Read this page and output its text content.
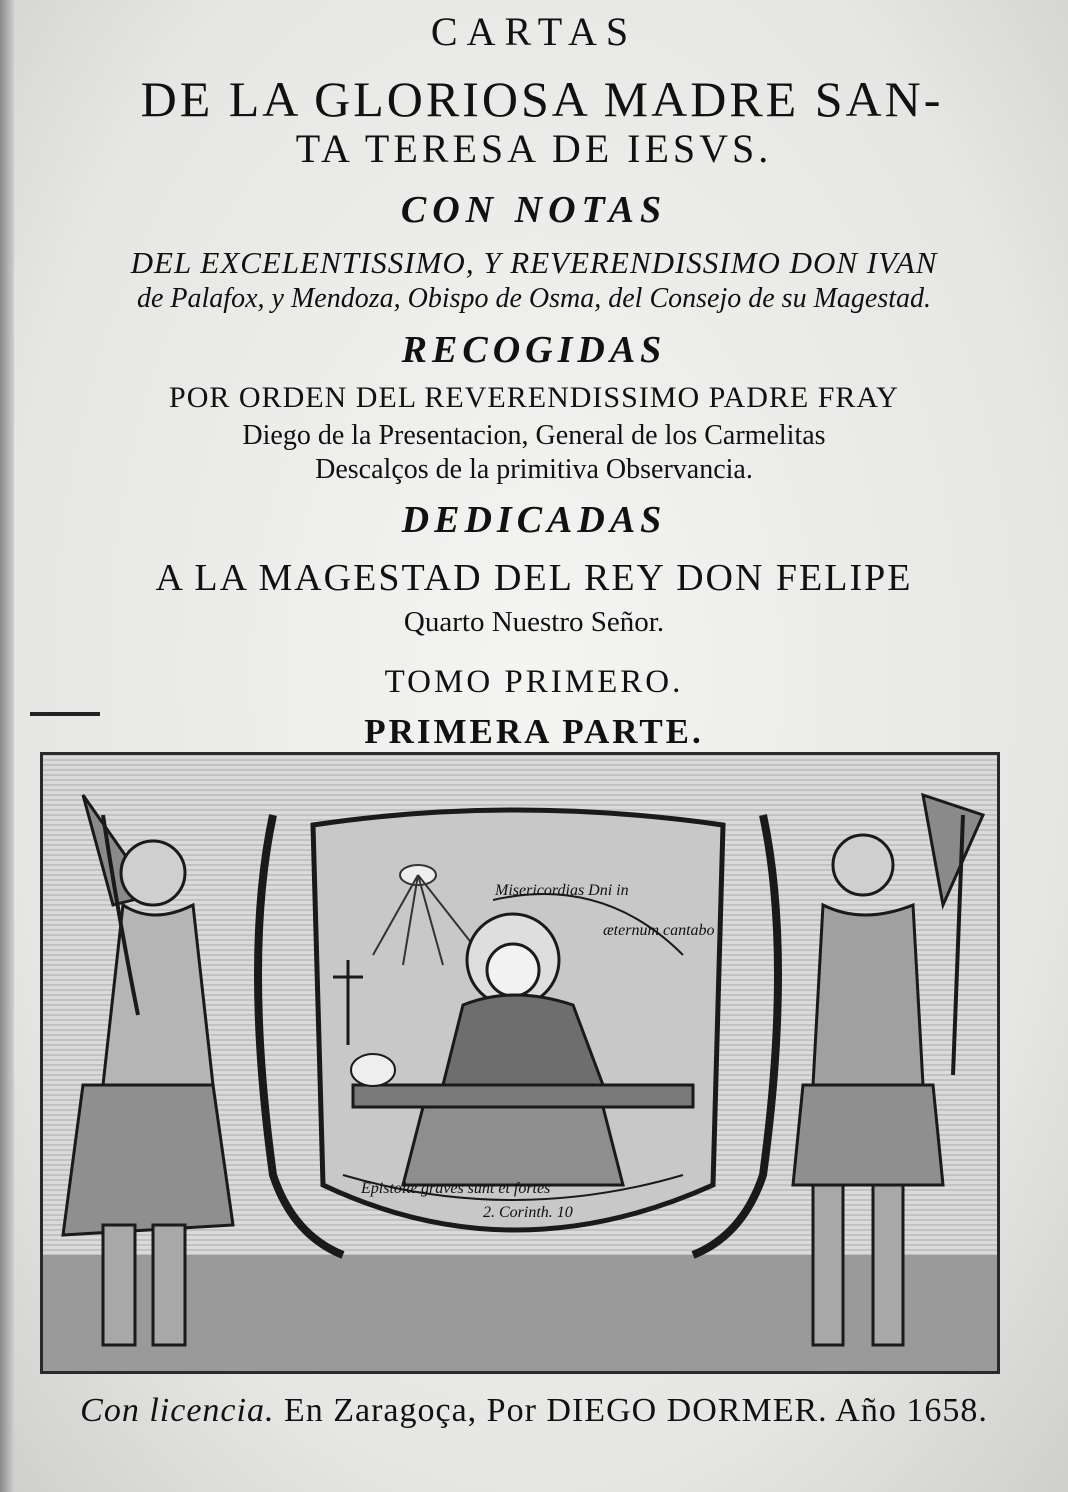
CARTAS
DE LA GLORIOSA MADRE SAN-
TA TERESA DE IESVS.
CON NOTAS
DEL EXCELENTISSIMO, Y REVERENDISSIMO DON IVAN
de Palafox, y Mendoza, Obispo de Osma, del Consejo de su Magestad.
RECOGIDAS
POR ORDEN DEL REVERENDISSIMO PADRE FRAY
Diego de la Presentacion, General de los Carmelitas
Descalços de la primitiva Observancia.
DEDICADAS
A LA MAGESTAD DEL REY DON FELIPE
Quarto Nuestro Señor.
TOMO PRIMERO.
PRIMERA PARTE.
Misericordias Dni in
æternum cantabo
Epistolæ graves sunt et fortes
2. Corinth. 10
Con licencia. En Zaragoça, Por DIEGO DORMER. Año 1658.
